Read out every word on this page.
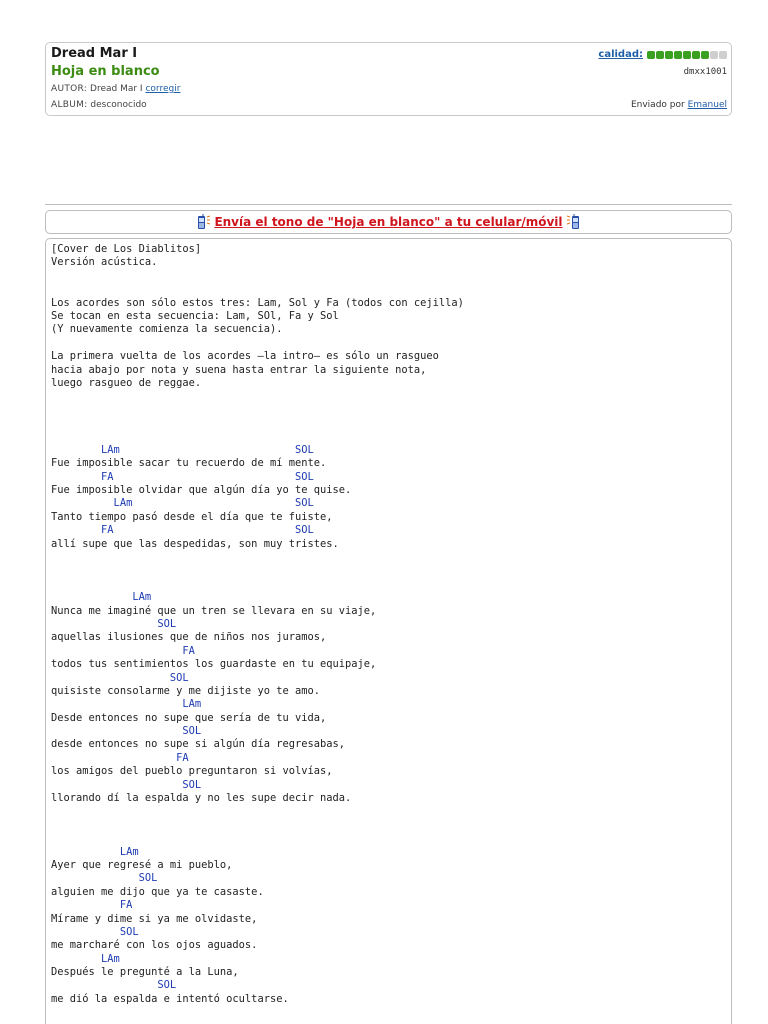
Dread Mar I
Hoja en blanco
AUTOR: Dread Mar I corregir
ALBUM: desconocido
calidad:
dmxx1001
Enviado por Emanuel
Envía el tono de "Hoja en blanco" a tu celular/móvil
[Cover de Los Diablitos]
Versión acústica.
Los acordes son sólo estos tres: Lam, Sol y Fa (todos con cejilla)
Se tocan en esta secuencia: Lam, SOl, Fa y Sol
(Y nuevamente comienza la secuencia).
La primera vuelta de los acordes –la intro– es sólo un rasgueo
hacia abajo por nota y suena hasta entrar la siguiente nota,
luego rasgueo de reggae.
LAm                            SOL
Fue imposible sacar tu recuerdo de mí mente.
FA                             SOL
Fue imposible olvidar que algún día yo te quise.
LAm                          SOL
Tanto tiempo pasó desde el día que te fuiste,
FA                             SOL
allí supe que las despedidas, son muy tristes.
LAm
Nunca me imaginé que un tren se llevara en su viaje,
SOL
aquellas ilusiones que de niños nos juramos,
FA
todos tus sentimientos los guardaste en tu equipaje,
SOL
quisiste consolarme y me dijiste yo te amo.
LAm
Desde entonces no supe que sería de tu vida,
SOL
desde entonces no supe si algún día regresabas,
FA
los amigos del pueblo preguntaron si volvías,
SOL
llorando dí la espalda y no les supe decir nada.
LAm
Ayer que regresé a mi pueblo,
SOL
alguien me dijo que ya te casaste.
FA
Mírame y dime si ya me olvidaste,
SOL
me marcharé con los ojos aguados.
LAm
Después le pregunté a la Luna,
SOL
me dió la espalda e intentó ocultarse.
